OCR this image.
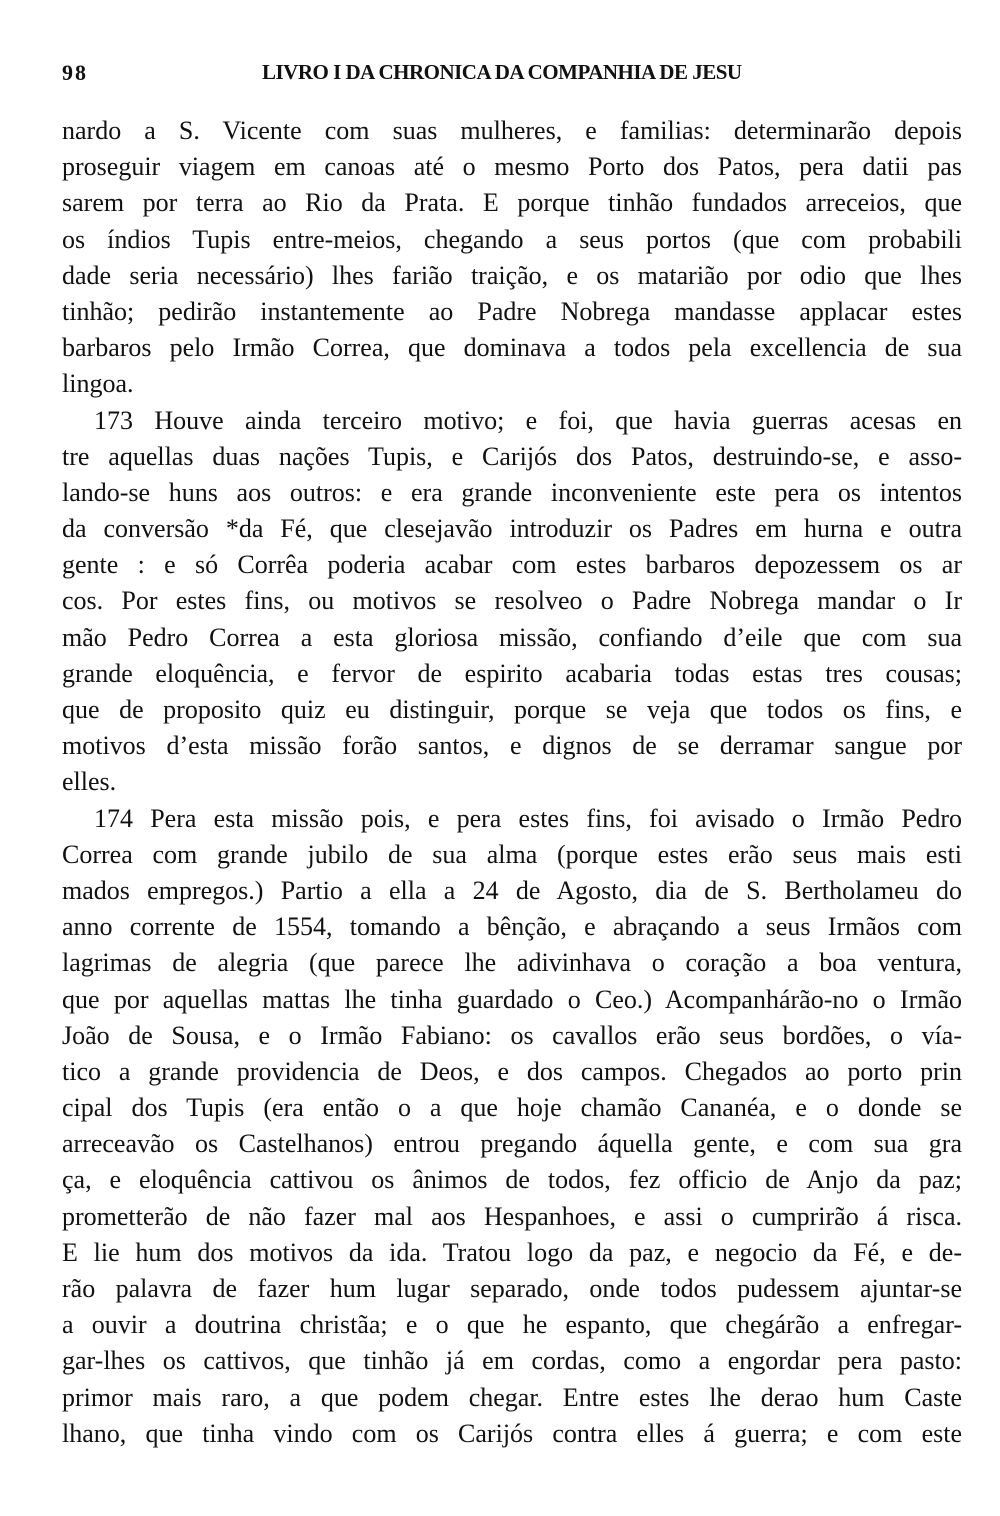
98	LIVRO I DA CHRONICA DA COMPANHIA DE JESU
nardo a S. Vicente com suas mulheres, e familias: determinarão depois
proseguir viagem em canoas até o mesmo Porto dos Patos, pera datii pas
sarem por terra ao Rio da Prata. E porque tinhão fundados arreceios, que
os índios Tupis entre-meios, chegando a seus portos (que com probabili
dade seria necessário) lhes farião traição, e os matarião por odio que lhes
tinhão; pedirão instantemente ao Padre Nobrega mandasse applacar estes
barbaros pelo Irmão Correa, que dominava a todos pela excellencia de sua
lingoa.
173 Houve ainda terceiro motivo; e foi, que havia guerras acesas en
tre aquellas duas nações Tupis, e Carijós dos Patos, destruindo-se, e asso-
lando-se huns aos outros: e era grande inconveniente este pera os intentos
da conversão *da Fé, que clesejavão introduzir os Padres em hurna e outra
gente : e só Corrêa poderia acabar com estes barbaros depozessem os ar
cos. Por estes fins, ou motivos se resolveo o Padre Nobrega mandar o Ir
mão Pedro Correa a esta gloriosa missão, confiando d’eile que com sua
grande eloquência, e fervor de espirito acabaria todas estas tres cousas;
que de proposito quiz eu distinguir, porque se veja que todos os fins, e
motivos d’esta missão forão santos, e dignos de se derramar sangue por
elles.
174 Pera esta missão pois, e pera estes fins, foi avisado o Irmão Pedro
Correa com grande jubilo de sua alma (porque estes erão seus mais esti
mados empregos.) Partio a ella a 24 de Agosto, dia de S. Bertholameu do
anno corrente de 1554, tomando a bênção, e abraçando a seus Irmãos com
lagrimas de alegria (que parece lhe adivinhava o coração a boa ventura,
que por aquellas mattas lhe tinha guardado o Ceo.) Acompanhárão-no o Irmão
João de Sousa, e o Irmão Fabiano: os cavallos erão seus bordões, o vía-
tico a grande providencia de Deos, e dos campos. Chegados ao porto prin
cipal dos Tupis (era então o a que hoje chamão Cananéa, e o donde se
arreceavão os Castelhanos) entrou pregando áquella gente, e com sua gra
ça, e eloquência cattivou os ânimos de todos, fez officio de Anjo da paz;
prometterão de não fazer mal aos Hespanhoes, e assi o cumprirão á risca.
E lie hum dos motivos da ida. Tratou logo da paz, e negocio da Fé, e de-
rão palavra de fazer hum lugar separado, onde todos pudessem ajuntar-se
a ouvir a doutrina christãa; e o que he espanto, que chegárão a enfregar-
gar-lhes os cattivos, que tinhão já em cordas, como a engordar pera pasto:
primor mais raro, a que podem chegar. Entre estes lhe derao hum Caste
lhano, que tinha vindo com os Carijós contra elles á guerra; e com este
